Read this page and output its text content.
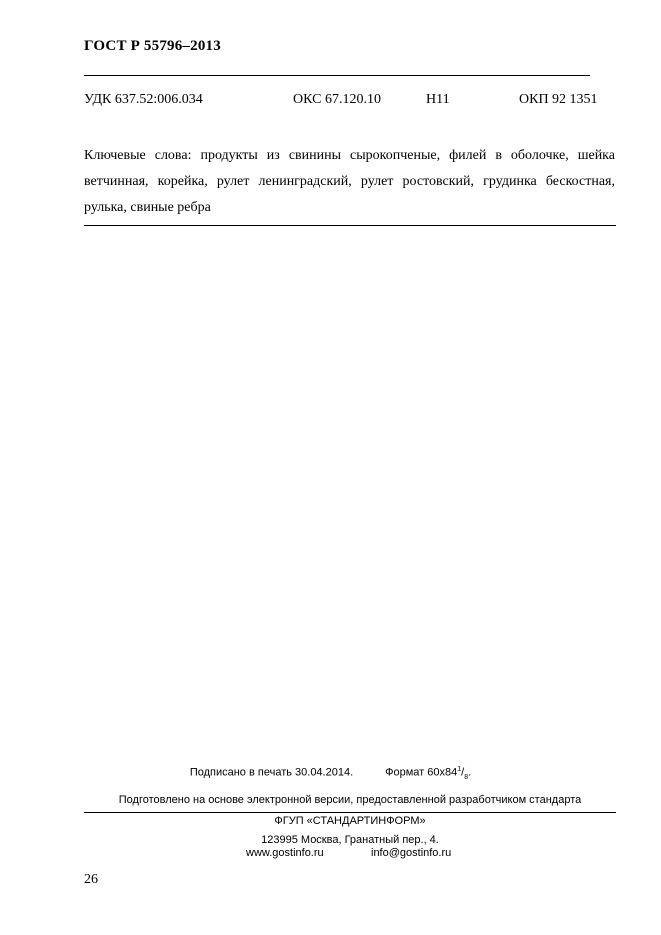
ГОСТ Р 55796–2013
УДК 637.52:006.034	ОКС 67.120.10	Н11	ОКП 92 1351
Ключевые слова: продукты из свинины сырокопченые, филей в оболочке, шейка ветчинная, корейка, рулет ленинградский, рулет ростовский, грудинка бескостная, рулька, свиные ребра
Подписано в печать 30.04.2014.	Формат $60x84^1/_8$.
Подготовлено на основе электронной версии, предоставленной разработчиком стандарта
ФГУП «СТАНДАРТИНФОРМ»
123995 Москва, Гранатный пер., 4.
www.gostinfo.ru	info@gostinfo.ru
26
